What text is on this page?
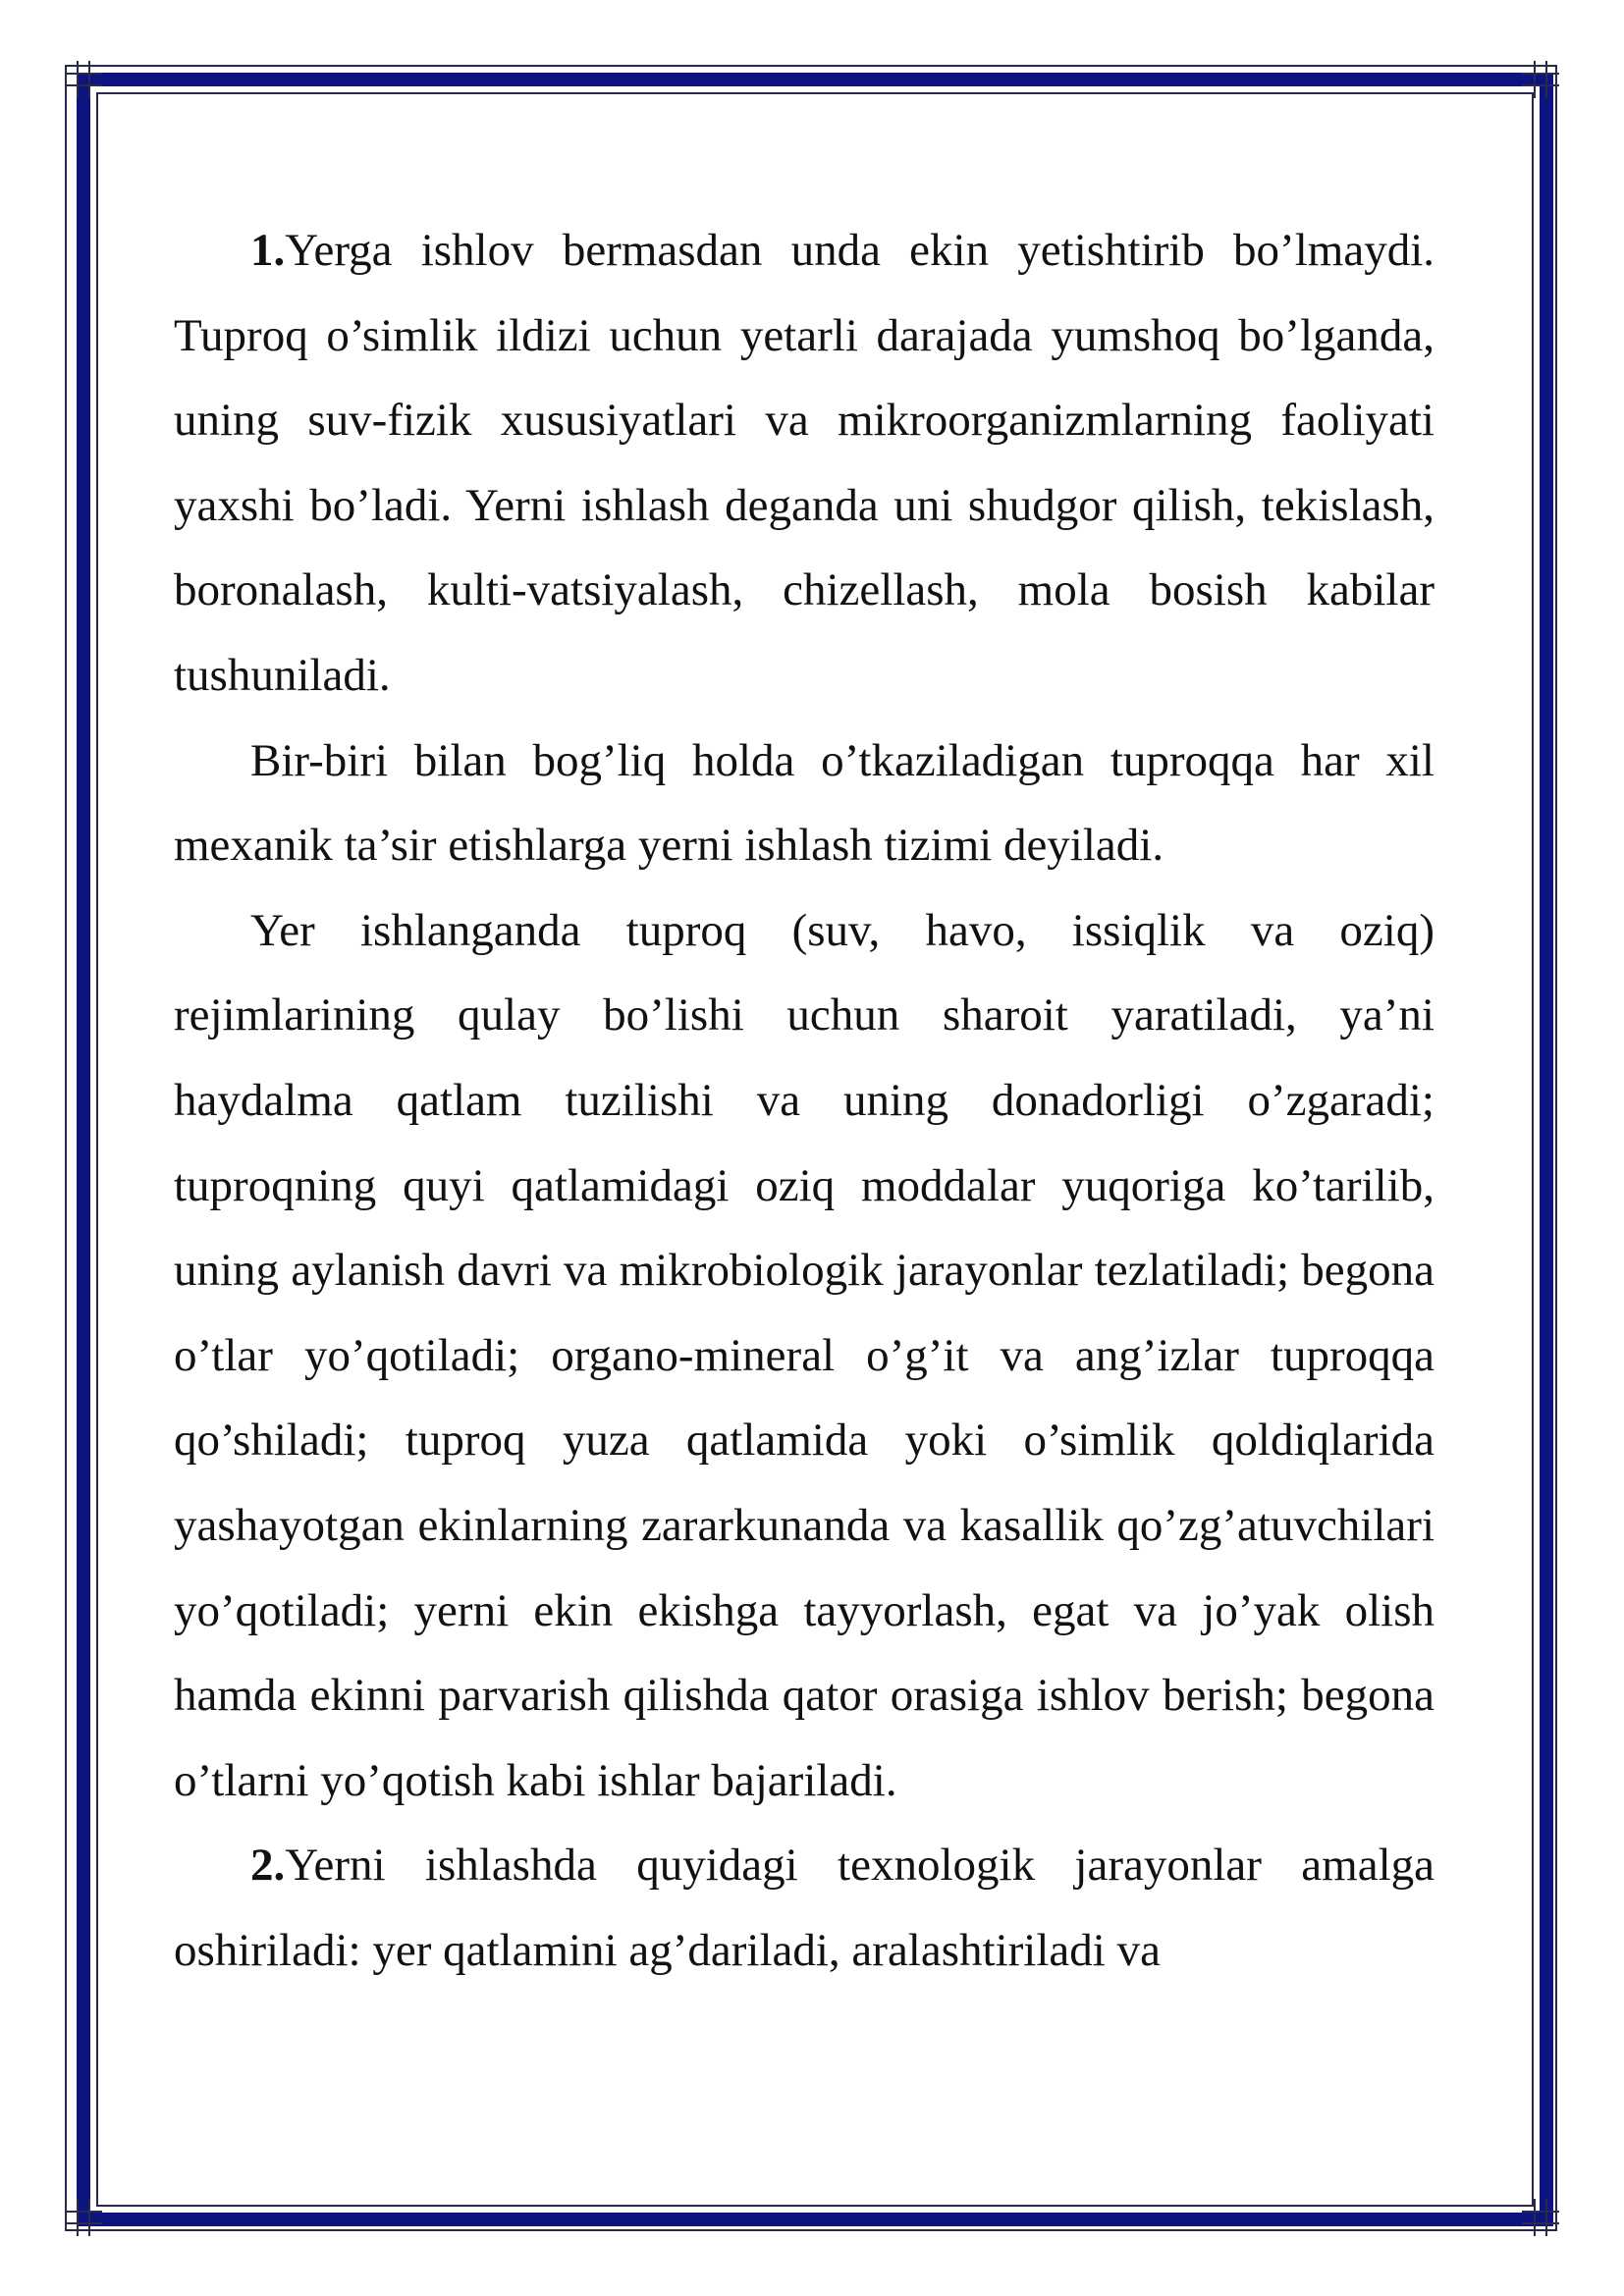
1.Yerga ishlov bermasdan unda ekin yetishtirib bo’lmaydi. Tuproq o’simlik ildizi uchun yetarli darajada yumshoq bo’lganda, uning suv-fizik xususiyatlari va mikroorganizmlarning faoliyati yaxshi bo’ladi. Yerni ishlash deganda uni shudgor qilish, tekislash, boronalash, kulti-vatsiyalash, chizellash, mola bosish kabilar tushuniladi.

Bir-biri bilan bog’liq holda o’tkaziladigan tuproqqa har xil mexanik ta’sir etishlarga yerni ishlash tizimi deyiladi.

Yer ishlanganda tuproq (suv, havo, issiqlik va oziq) rejimlarining qulay bo’lishi uchun sharoit yaratiladi, ya’ni haydalma qatlam tuzilishi va uning donadorligi o’zgaradi; tuproqning quyi qatlamidagi oziq moddalar yuqoriga ko’tarilib, uning aylanish davri va mikrobiologik jarayonlar tezlatiladi; begona o’tlar yo’qotiladi; organo-mineral o’g’it va ang’izlar tuproqqa qo’shiladi; tuproq yuza qatlamida yoki o’simlik qoldiqlarida yashayotgan ekinlarning zararkunanda va kasallik qo’zg’atuvchilari yo’qotiladi; yerni ekin ekishga tayyorlash, egat va jo’yak olish hamda ekinni parvarish qilishda qator orasiga ishlov berish; begona o’tlarni yo’qotish kabi ishlar bajariladi.

2.Yerni ishlashda quyidagi texnologik jarayonlar amalga oshiriladi: yer qatlamini ag’dariladi, aralashtiriladi va
